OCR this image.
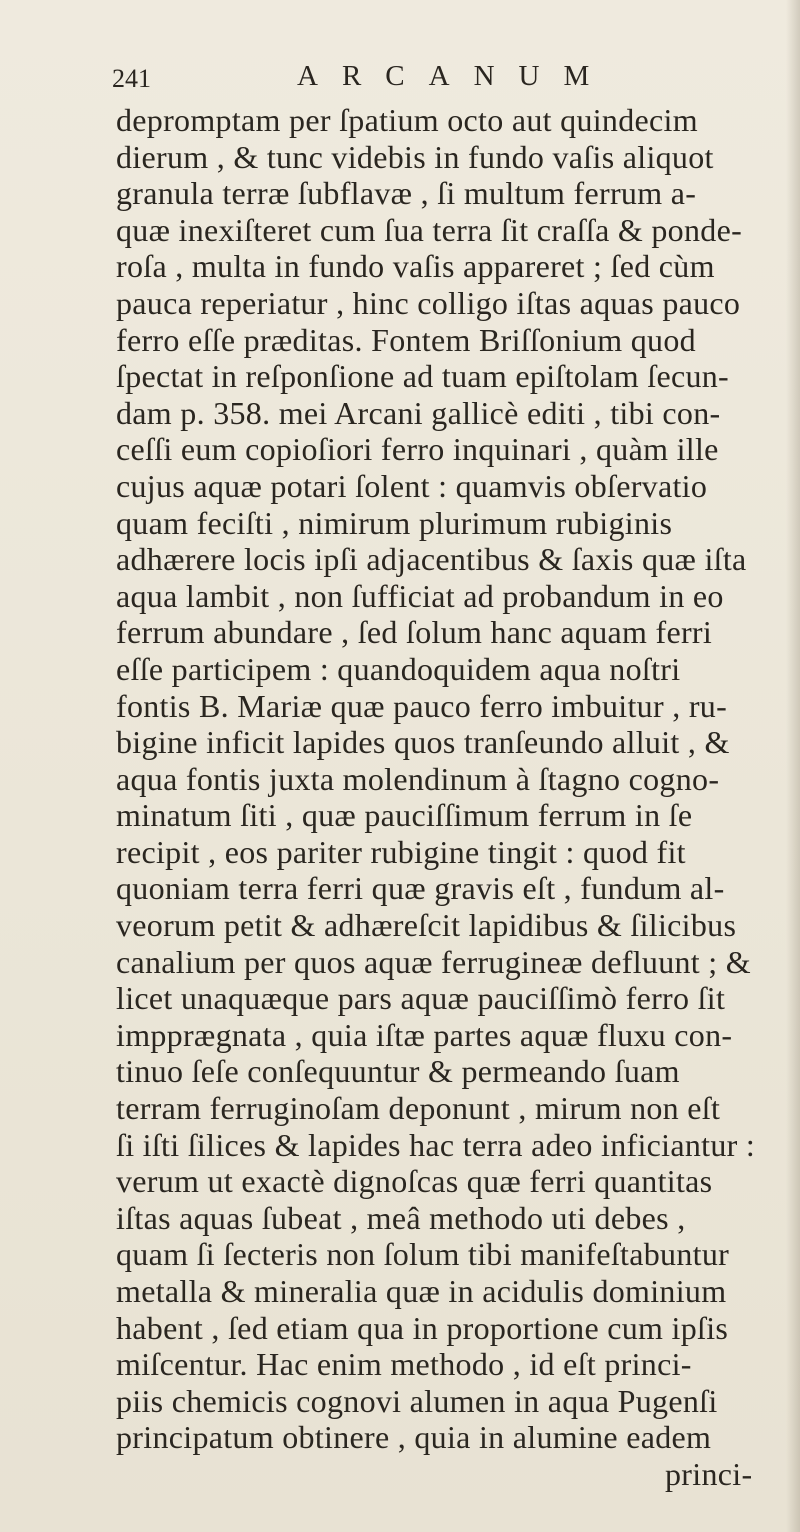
241	ARCANUM
depromptam per ſpatium octo aut quindecim
dierum , & tunc videbis in fundo vaſis aliquot
granula terræ ſubflavæ , ſi multum ferrum a-
quæ inexiſteret cum ſua terra ſit craſſa & ponde-
roſa , multa in fundo vaſis appareret ; ſed cùm
pauca reperiatur , hinc colligo iſtas aquas pauco
ferro eſſe præditas. Fontem Briſſonium quod
ſpectat in reſponſione ad tuam epiſtolam ſecun-
dam p. 358. mei Arcani gallicè editi , tibi con-
ceſſi eum copioſiori ferro inquinari , quàm ille
cujus aquæ potari ſolent : quamvis obſervatio
quam feciſti , nimirum plurimum rubiginis
adhærere locis ipſi adjacentibus & ſaxis quæ iſta
aqua lambit , non ſufficiat ad probandum in eo
ferrum abundare , ſed ſolum hanc aquam ferri
eſſe participem : quandoquidem aqua noſtri
fontis B. Mariæ quæ pauco ferro imbuitur , ru-
bigine inficit lapides quos tranſeundo alluit , &
aqua fontis juxta molendinum à ſtagno cogno-
minatum ſiti , quæ pauciſſimum ferrum in ſe
recipit , eos pariter rubigine tingit : quod fit
quoniam terra ferri quæ gravis eſt , fundum al-
veorum petit & adhæreſcit lapidibus & ſilicibus
canalium per quos aquæ ferrugineæ defluunt ; &
licet unaquæque pars aquæ pauciſſimò ferro ſit
impprægnata , quia iſtæ partes aquæ fluxu con-
tinuo ſeſe conſequuntur & permeando ſuam
terram ferruginoſam deponunt , mirum non eſt
ſi iſti ſilices & lapides hac terra adeo inficiantur :
verum ut exactè dignoſcas quæ ferri quantitas
iſtas aquas ſubeat , meâ methodo uti debes ,
quam ſi ſecteris non ſolum tibi manifeſtabuntur
metalla & mineralia quæ in acidulis dominium
habent , ſed etiam qua in proportione cum ipſis
miſcentur. Hac enim methodo , id eſt princi-
piis chemicis cognovi alumen in aqua Pugenſi
principatum obtinere , quia in alumine eadem
princi-
